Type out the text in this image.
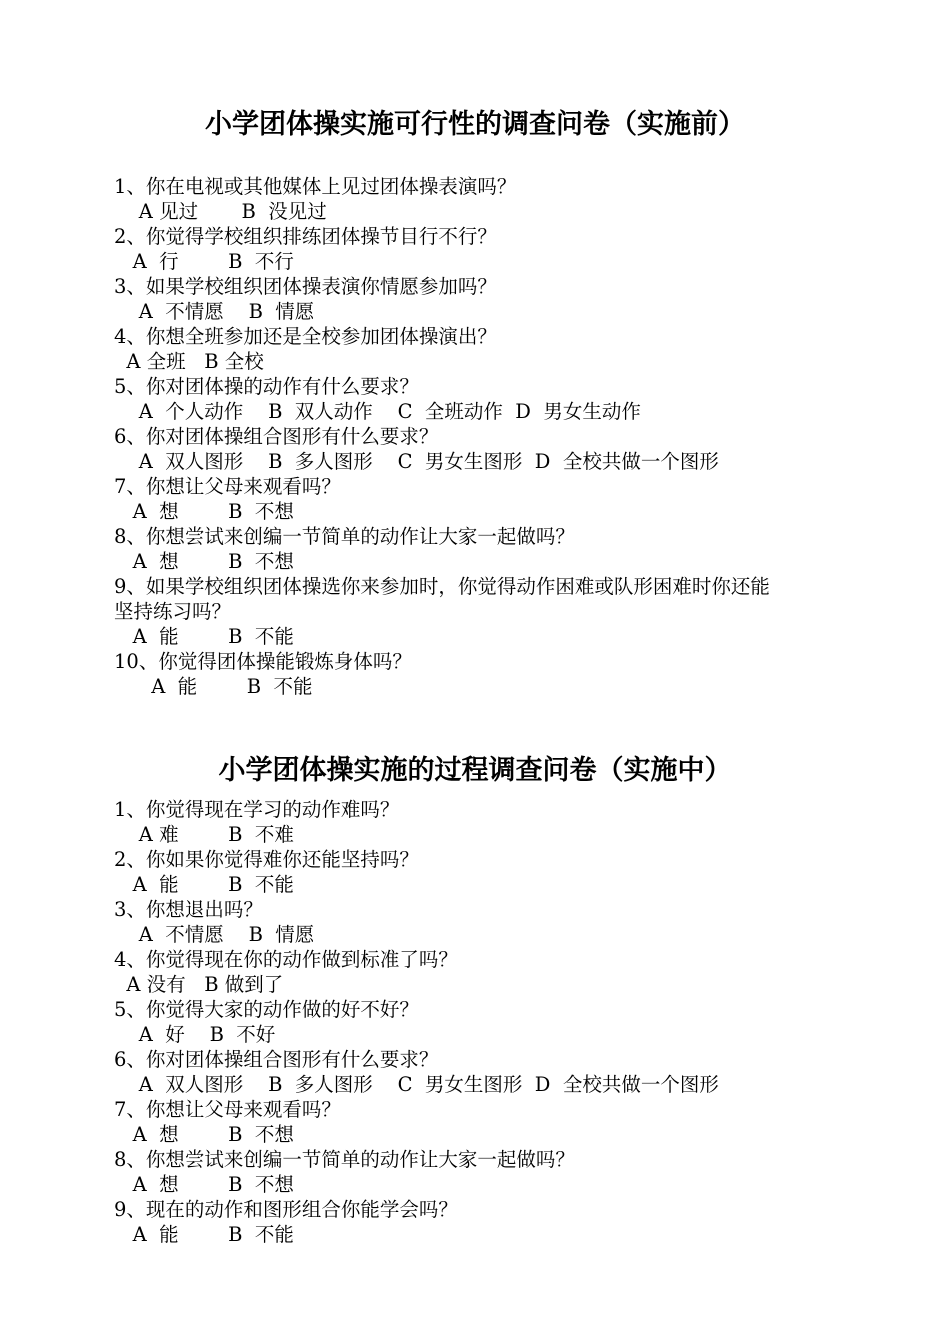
小学团体操实施可行性的调查问卷（实施前）
1、你在电视或其他媒体上见过团体操表演吗？
A 见过       B  没见过
2、你觉得学校组织排练团体操节目行不行？
A  行        B  不行
3、如果学校组织团体操表演你情愿参加吗？
A  不情愿    B  情愿
4、你想全班参加还是全校参加团体操演出？
A 全班   B 全校
5、你对团体操的动作有什么要求？
A  个人动作    B  双人动作    C  全班动作  D  男女生动作
6、你对团体操组合图形有什么要求？
A  双人图形    B  多人图形    C  男女生图形  D  全校共做一个图形
7、你想让父母来观看吗？
A  想        B  不想
8、你想尝试来创编一节简单的动作让大家一起做吗？
A  想        B  不想
9、如果学校组织团体操选你来参加时，你觉得动作困难或队形困难时你还能
坚持练习吗？
A  能        B  不能
10、你觉得团体操能锻炼身体吗？
A  能        B  不能
小学团体操实施的过程调查问卷（实施中）
1、你觉得现在学习的动作难吗？
A 难        B  不难
2、你如果你觉得难你还能坚持吗？
A  能        B  不能
3、你想退出吗？
A  不情愿    B  情愿
4、你觉得现在你的动作做到标准了吗？
A 没有   B 做到了
5、你觉得大家的动作做的好不好？
A  好    B  不好
6、你对团体操组合图形有什么要求？
A  双人图形    B  多人图形    C  男女生图形  D  全校共做一个图形
7、你想让父母来观看吗？
A  想        B  不想
8、你想尝试来创编一节简单的动作让大家一起做吗？
A  想        B  不想
9、现在的动作和图形组合你能学会吗？
A  能        B  不能
